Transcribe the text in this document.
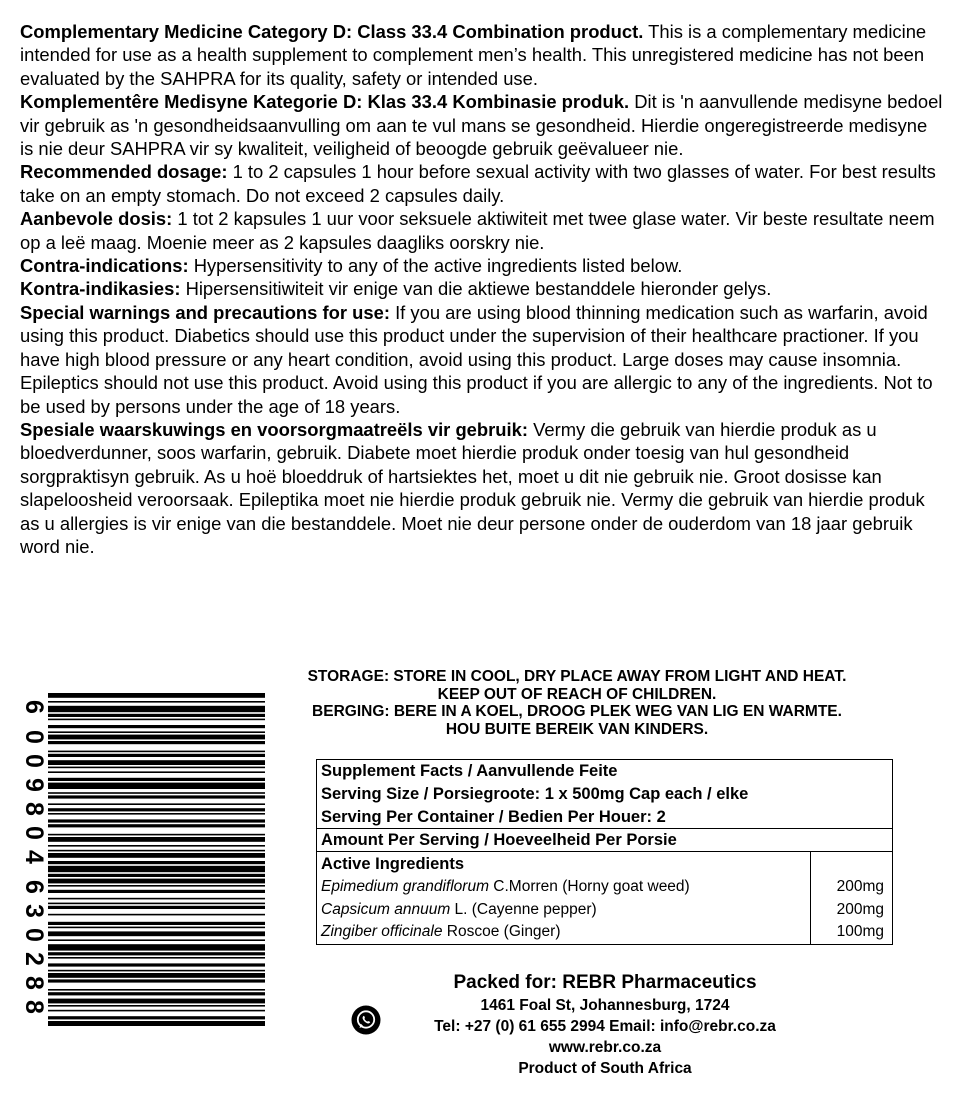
Complementary Medicine Category D: Class 33.4 Combination product. This is a complementary medicine intended for use as a health supplement to complement men’s health. This unregistered medicine has not been evaluated by the SAHPRA for its quality, safety or intended use.

Komplementêre Medisyne Kategorie D: Klas 33.4 Kombinasie produk. Dit is 'n aanvullende medisyne bedoel vir gebruik as 'n gesondheidsaanvulling om aan te vul mans se gesondheid. Hierdie ongeregistreerde medisyne is nie deur SAHPRA vir sy kwaliteit, veiligheid of beoogde gebruik geëvalueer nie.

Recommended dosage: 1 to 2 capsules 1 hour before sexual activity with two glasses of water. For best results take on an empty stomach. Do not exceed 2 capsules daily.

Aanbevole dosis: 1 tot 2 kapsules 1 uur voor seksuele aktiwiteit met twee glase water. Vir beste resultate neem op a leë maag. Moenie meer as 2 kapsules daagliks oorskry nie.

Contra-indications: Hypersensitivity to any of the active ingredients listed below.

Kontra-indikasies: Hipersensitiwiteit vir enige van die aktiewe bestanddele hieronder gelys.

Special warnings and precautions for use: If you are using blood thinning medication such as warfarin, avoid using this product. Diabetics should use this product under the supervision of their healthcare practioner. If you have high blood pressure or any heart condition, avoid using this product. Large doses may cause insomnia. Epileptics should not use this product. Avoid using this product if you are allergic to any of the ingredients. Not to be used by persons under the age of 18 years.

Spesiale waarskuwings en voorsorgmaatreëls vir gebruik: Vermy die gebruik van hierdie produk as u bloedverdunner, soos warfarin, gebruik. Diabete moet hierdie produk onder toesig van hul gesondheid sorgpraktisyn gebruik. As u hoë bloeddruk of hartsiektes het, moet u dit nie gebruik nie. Groot dosisse kan slapeloosheid veroorsaak. Epileptika moet nie hierdie produk gebruik nie. Vermy die gebruik van hierdie produk as u allergies is vir enige van die bestanddele. Moet nie deur persone onder de ouderdom van 18 jaar gebruik word nie.

6
0
0
9
8
0
4
6
3
0
2
8
8
STORAGE: STORE IN COOL, DRY PLACE AWAY FROM LIGHT AND HEAT.
KEEP OUT OF REACH OF CHILDREN.
BERGING: BERE IN A KOEL, DROOG PLEK WEG VAN LIG EN WARMTE.
HOU BUITE BEREIK VAN KINDERS.
Supplement Facts / Aanvullende Feite
Serving Size / Porsiegroote: 1 x 500mg Cap each / elke
Serving Per Container / Bedien Per Houer: 2
Amount Per Serving / Hoeveelheid Per Porsie
Active Ingredients
Epimedium grandiflorum C.Morren (Horny goat weed)
Capsicum annuum L. (Cayenne pepper)
Zingiber officinale Roscoe (Ginger)

200mg
200mg
100mg
Packed for: REBR Pharmaceutics
1461 Foal St, Johannesburg, 1724
Tel: +27 (0) 61 655 2994 Email: info@rebr.co.za
www.rebr.co.za
Product of South Africa
